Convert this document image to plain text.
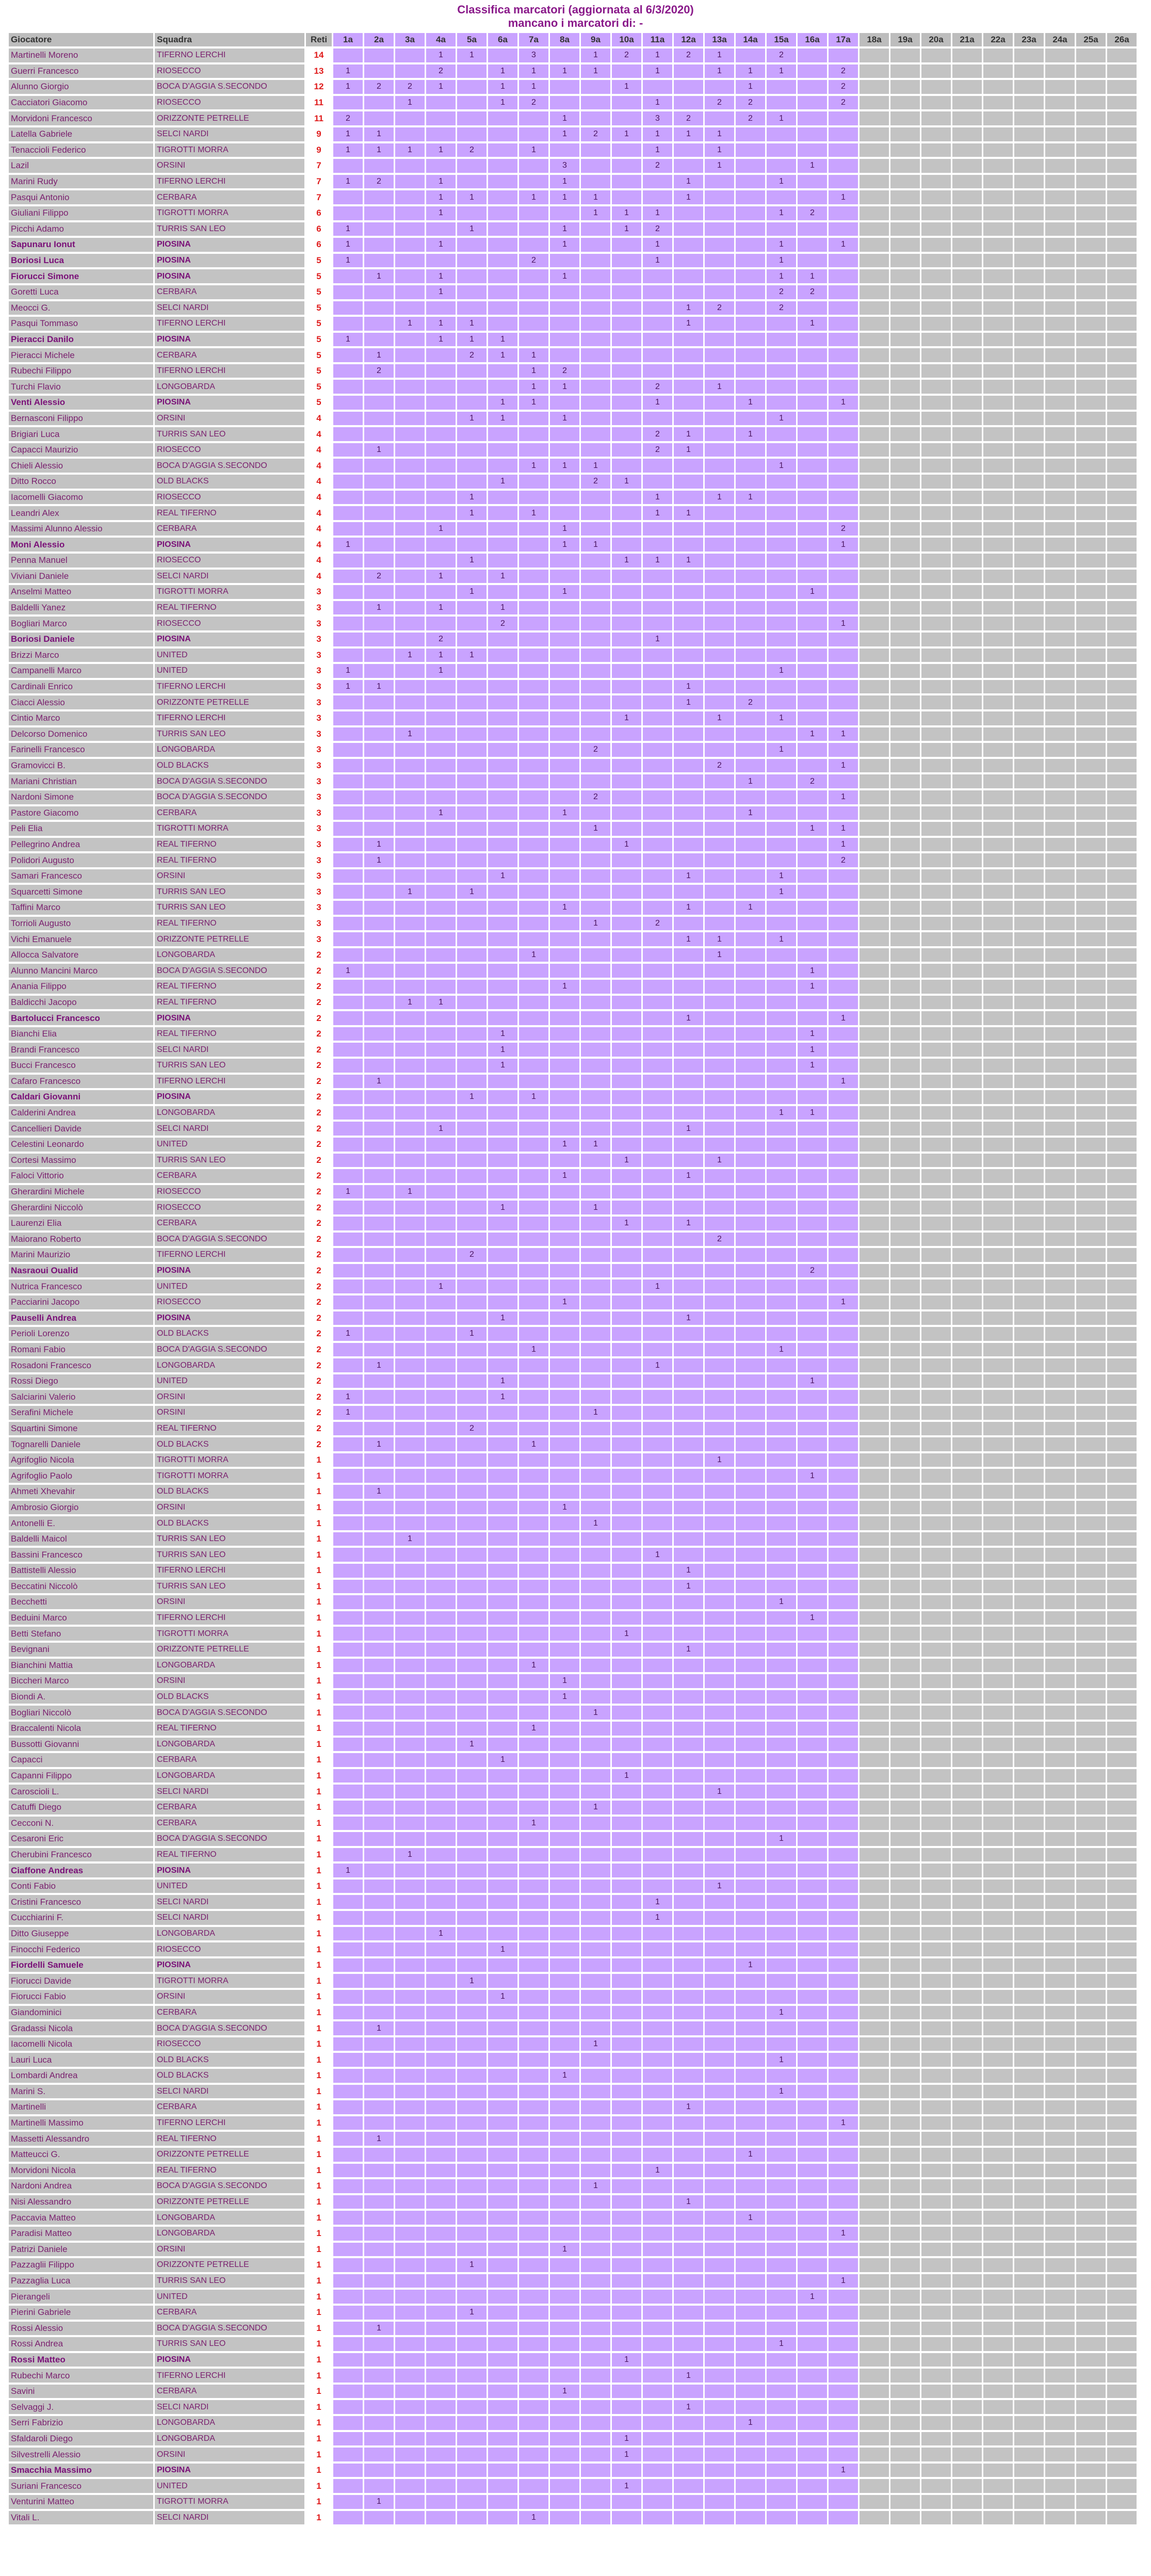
Classifica marcatori (aggiornata al 6/3/2020)
mancano i marcatori di: -
Giocatore	Squadra	Reti	1a	2a	3a	4a	5a	6a	7a	8a	9a	10a	11a	12a	13a	14a	15a	16a	17a	18a	19a	20a	21a	22a	23a	24a	25a	26a
Martinelli Moreno	TIFERNO LERCHI	14				1	1		3		1	2	1	2	1		2											
Guerri Francesco	RIOSECCO	13	1			2		1	1	1	1		1		1	1	1		2									
Alunno Giorgio	BOCA D'AGGIA S.SECONDO	12	1	2	2	1		1	1			1				1			2									
Cacciatori Giacomo	RIOSECCO	11			1			1	2				1		2	2			2									
Morvidoni Francesco	ORIZZONTE PETRELLE	11	2							1			3	2		2	1											
Latella Gabriele	SELCI NARDI	9	1	1						1	2	1	1	1	1													
Tenaccioli Federico	TIGROTTI MORRA	9	1	1	1	1	2		1				1		1													
Lazil	ORSINI	7								3			2		1			1										
Marini Rudy	TIFERNO LERCHI	7	1	2		1				1				1			1											
Pasqui Antonio	CERBARA	7				1	1		1	1	1			1					1									
Giuliani Filippo	TIGROTTI MORRA	6				1					1	1	1				1	2										
Picchi Adamo	TURRIS SAN LEO	6	1				1			1		1	2															
Sapunaru Ionut	PIOSINA	6	1			1				1			1				1		1									
Boriosi Luca	PIOSINA	5	1						2				1				1											
Fiorucci Simone	PIOSINA	5		1		1				1							1	1										
Goretti Luca	CERBARA	5				1											2	2										
Meocci G.	SELCI NARDI	5												1	2		2											
Pasqui Tommaso	TIFERNO LERCHI	5			1	1	1							1				1										
Pieracci Danilo	PIOSINA	5	1			1	1	1																				
Pieracci Michele	CERBARA	5		1			2	1	1																			
Rubechi Filippo	TIFERNO LERCHI	5		2					1	2																		
Turchi Flavio	LONGOBARDA	5							1	1			2		1													
Venti Alessio	PIOSINA	5						1	1				1			1			1									
Bernasconi Filippo	ORSINI	4					1	1		1							1											
Brigiari Luca	TURRIS SAN LEO	4											2	1		1												
Capacci Maurizio	RIOSECCO	4		1									2	1														
Chieli Alessio	BOCA D'AGGIA S.SECONDO	4							1	1	1						1											
Ditto Rocco	OLD BLACKS	4						1			2	1																
Iacomelli Giacomo	RIOSECCO	4					1						1		1	1												
Leandri Alex	REAL TIFERNO	4					1		1				1	1														
Massimi Alunno Alessio	CERBARA	4				1				1									2									
Moni Alessio	PIOSINA	4	1							1	1								1									
Penna Manuel	RIOSECCO	4					1					1	1	1														
Viviani Daniele	SELCI NARDI	4		2		1		1																				
Anselmi Matteo	TIGROTTI MORRA	3					1			1								1										
Baldelli Yanez	REAL TIFERNO	3		1		1		1																				
Bogliari Marco	RIOSECCO	3						2											1									
Boriosi Daniele	PIOSINA	3				2							1															
Brizzi Marco	UNITED	3			1	1	1																					
Campanelli Marco	UNITED	3	1			1											1											
Cardinali Enrico	TIFERNO LERCHI	3	1	1										1														
Ciacci Alessio	ORIZZONTE PETRELLE	3												1		2												
Cintio Marco	TIFERNO LERCHI	3										1			1		1											
Delcorso Domenico	TURRIS SAN LEO	3			1													1	1									
Farinelli Francesco	LONGOBARDA	3									2						1											
Gramovicci B.	OLD BLACKS	3													2				1									
Mariani Christian	BOCA D'AGGIA S.SECONDO	3														1		2										
Nardoni Simone	BOCA D'AGGIA S.SECONDO	3									2								1									
Pastore Giacomo	CERBARA	3				1				1						1												
Peli Elia	TIGROTTI MORRA	3									1							1	1									
Pellegrino Andrea	REAL TIFERNO	3		1								1							1									
Polidori Augusto	REAL TIFERNO	3		1															2									
Samari Francesco	ORSINI	3						1						1			1											
Squarcetti Simone	TURRIS SAN LEO	3			1		1										1											
Taffini Marco	TURRIS SAN LEO	3								1				1		1												
Torrioli Augusto	REAL TIFERNO	3									1		2															
Vichi Emanuele	ORIZZONTE PETRELLE	3												1	1		1											
Allocca Salvatore	LONGOBARDA	2							1						1													
Alunno Mancini Marco	BOCA D'AGGIA S.SECONDO	2	1															1										
Anania Filippo	REAL TIFERNO	2								1								1										
Baldicchi Jacopo	REAL TIFERNO	2			1	1																						
Bartolucci Francesco	PIOSINA	2												1					1									
Bianchi Elia	REAL TIFERNO	2						1										1										
Brandi Francesco	SELCI NARDI	2						1										1										
Bucci Francesco	TURRIS SAN LEO	2						1										1										
Cafaro Francesco	TIFERNO LERCHI	2		1															1									
Caldari Giovanni	PIOSINA	2					1		1																			
Calderini Andrea	LONGOBARDA	2															1	1										
Cancellieri Davide	SELCI NARDI	2				1								1														
Celestini Leonardo	UNITED	2								1	1																	
Cortesi Massimo	TURRIS SAN LEO	2										1			1													
Faloci Vittorio	CERBARA	2								1				1														
Gherardini Michele	RIOSECCO	2	1		1																							
Gherardini Niccolò	RIOSECCO	2						1			1																	
Laurenzi Elia	CERBARA	2										1		1														
Maiorano Roberto	BOCA D'AGGIA S.SECONDO	2													2													
Marini Maurizio	TIFERNO LERCHI	2					2																					
Nasraoui Oualid	PIOSINA	2																2										
Nutrica Francesco	UNITED	2				1							1															
Pacciarini Jacopo	RIOSECCO	2								1									1									
Pauselli Andrea	PIOSINA	2						1						1														
Perioli Lorenzo	OLD BLACKS	2	1				1																					
Romani Fabio	BOCA D'AGGIA S.SECONDO	2							1								1											
Rosadoni Francesco	LONGOBARDA	2		1									1															
Rossi Diego	UNITED	2						1										1										
Salciarini Valerio	ORSINI	2	1					1																				
Serafini Michele	ORSINI	2	1								1																	
Squartini Simone	REAL TIFERNO	2					2																					
Tognarelli Daniele	OLD BLACKS	2		1					1																			
Agrifoglio Nicola	TIGROTTI MORRA	1													1													
Agrifoglio Paolo	TIGROTTI MORRA	1																1										
Ahmeti Xhevahir	OLD BLACKS	1		1																								
Ambrosio Giorgio	ORSINI	1								1																		
Antonelli E.	OLD BLACKS	1									1																	
Baldelli Maicol	TURRIS SAN LEO	1			1																							
Bassini Francesco	TURRIS SAN LEO	1											1															
Battistelli Alessio	TIFERNO LERCHI	1												1														
Beccatini Niccolò	TURRIS SAN LEO	1												1														
Becchetti	ORSINI	1															1											
Beduini Marco	TIFERNO LERCHI	1																1										
Betti Stefano	TIGROTTI MORRA	1										1																
Bevignani	ORIZZONTE PETRELLE	1												1														
Bianchini Mattia	LONGOBARDA	1							1																			
Biccheri Marco	ORSINI	1								1																		
Biondi A.	OLD BLACKS	1								1																		
Bogliari Niccolò	BOCA D'AGGIA S.SECONDO	1									1																	
Braccalenti Nicola	REAL TIFERNO	1							1																			
Bussotti Giovanni	LONGOBARDA	1					1																					
Capacci	CERBARA	1						1																				
Capanni Filippo	LONGOBARDA	1										1																
Caroscioli L.	SELCI NARDI	1													1													
Catuffi Diego	CERBARA	1									1																	
Cecconi N.	CERBARA	1							1																			
Cesaroni Eric	BOCA D'AGGIA S.SECONDO	1															1											
Cherubini Francesco	REAL TIFERNO	1			1																							
Ciaffone Andreas	PIOSINA	1	1																									
Conti Fabio	UNITED	1													1													
Cristini Francesco	SELCI NARDI	1											1															
Cucchiarini F.	SELCI NARDI	1											1															
Ditto Giuseppe	LONGOBARDA	1				1																						
Finocchi Federico	RIOSECCO	1						1																				
Fiordelli Samuele	PIOSINA	1														1												
Fiorucci Davide	TIGROTTI MORRA	1					1																					
Fiorucci Fabio	ORSINI	1						1																				
Giandominici	CERBARA	1															1											
Gradassi Nicola	BOCA D'AGGIA S.SECONDO	1		1																								
Iacomelli Nicola	RIOSECCO	1									1																	
Lauri Luca	OLD BLACKS	1															1											
Lombardi Andrea	OLD BLACKS	1								1																		
Marini S.	SELCI NARDI	1															1											
Martinelli	CERBARA	1												1														
Martinelli Massimo	TIFERNO LERCHI	1																	1									
Massetti Alessandro	REAL TIFERNO	1		1																								
Matteucci G.	ORIZZONTE PETRELLE	1														1												
Morvidoni Nicola	REAL TIFERNO	1											1															
Nardoni Andrea	BOCA D'AGGIA S.SECONDO	1									1																	
Nisi Alessandro	ORIZZONTE PETRELLE	1												1														
Paccavia Matteo	LONGOBARDA	1														1												
Paradisi Matteo	LONGOBARDA	1																	1									
Patrizi Daniele	ORSINI	1								1																		
Pazzaglii Filippo	ORIZZONTE PETRELLE	1					1																					
Pazzaglia Luca	TURRIS SAN LEO	1																	1									
Pierangeli	UNITED	1																1										
Pierini Gabriele	CERBARA	1					1																					
Rossi Alessio	BOCA D'AGGIA S.SECONDO	1		1																								
Rossi Andrea	TURRIS SAN LEO	1															1											
Rossi Matteo	PIOSINA	1										1																
Rubechi Marco	TIFERNO LERCHI	1												1														
Savini	CERBARA	1								1																		
Selvaggi J.	SELCI NARDI	1												1														
Serri Fabrizio	LONGOBARDA	1														1												
Sfaldaroli Diego	LONGOBARDA	1										1																
Silvestrelli Alessio	ORSINI	1										1																
Smacchia Massimo	PIOSINA	1																	1									
Suriani Francesco	UNITED	1										1																
Venturini Matteo	TIGROTTI MORRA	1		1																								
Vitali L.	SELCI NARDI	1							1																			
